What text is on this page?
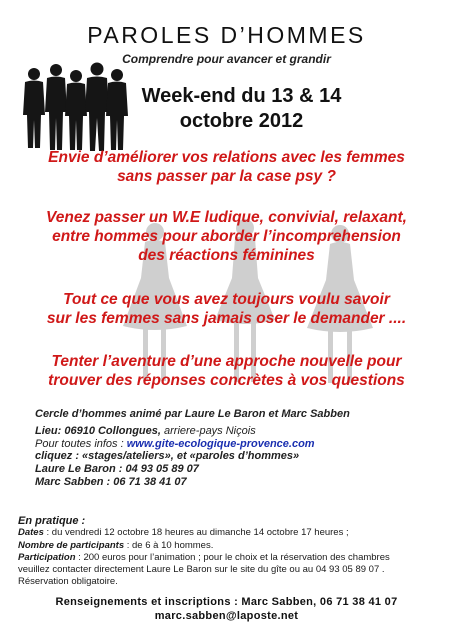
PAROLES D’HOMMES
Comprendre pour avancer et grandir
Week-end du 13 & 14
octobre 2012
Envie d’améliorer vos relations avec les femmes
sans passer par la case psy ?
Venez passer un W.E ludique, convivial, relaxant,
entre hommes pour aborder l’incomprehension
des réactions féminines
Tout ce que vous avez toujours voulu savoir
sur les femmes sans jamais oser le demander ....
Tenter l’aventure d’une approche nouvelle pour
trouver des réponses concrètes à vos questions
Cercle d’hommes animé par Laure Le Baron et Marc Sabben
Lieu: 06910 Collongues, arriere-pays Niçois
Pour toutes infos : www.gite-ecologique-provence.com
cliquez : «stages/ateliers», et «paroles d’hommes»
Laure Le Baron : 04 93 05 89 07
Marc Sabben : 06 71 38 41 07
En pratique :
Dates : du vendredi 12 octobre 18 heures au dimanche 14 octobre 17 heures ;
Nombre de participants : de 6 à 10 hommes.
Participation : 200 euros pour l’animation ; pour le choix et la réservation des chambres
veuillez contacter directement Laure Le Baron sur le site du gîte ou au 04 93 05 89 07 .
Réservation obligatoire.
Renseignements et inscriptions : Marc Sabben, 06 71 38 41 07
marc.sabben@laposte.net
